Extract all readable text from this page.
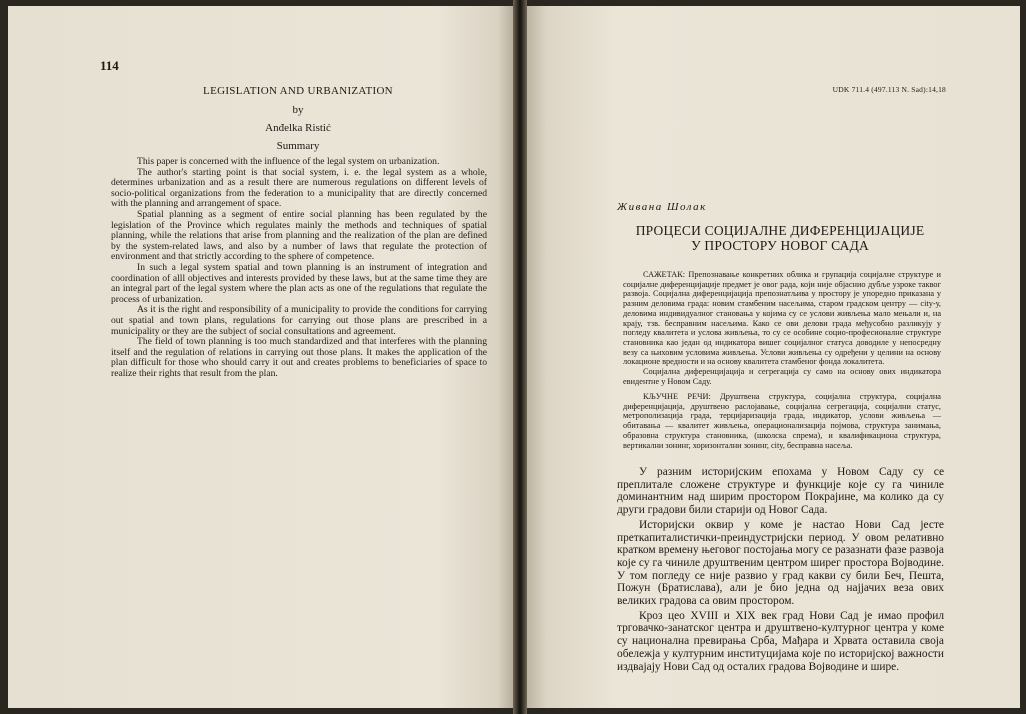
114
LEGISLATION AND URBANIZATION
by
Anđelka Ristić
Summary

This paper is concerned with the influence of the legal system on urbanization.

The author's starting point is that social system, i. e. the legal system as a whole, determines urbanization and as a result there are numerous regulations on different levels of socio-political organizations from the federation to a municipality that are directly concerned with the planning and arrangement of space.

Spatial planning as a segment of entire social planning has been regulated by the legislation of the Province which regulates mainly the methods and techniques of spatial planning, while the relations that arise from planning and the realization of the plan are defined by the system-related laws, and also by a number of laws that regulate the protection of environment and that strictly according to the sphere of competence.

In such a legal system spatial and town planning is an instrument of integration and coordination of alll objectives and interests provided by these laws, but at the same time they are an integral part of the legal system where the plan acts as one of the regulations that regulate the process of urbanization.

As it is the right and responsibility of a municipality to provide the conditions for carrying out spatial and town plans, regulations for carrying out those plans are prescribed in a municipality or they are the subject of social consultations and agreement.

The field of town planning is too much standardized and that interferes with the planning itself and the regulation of relations in carrying out those plans. It makes the application of the plan difficult for those who should carry it out and creates problems to beneficiaries of space to realize their rights that result from the plan.

UDK 711.4 (497.113 N. Sad):14,18
Живана Шолак
ПРОЦЕСИ СОЦИЈАЛНЕ ДИФЕРЕНЦИЈАЦИЈЕ
У ПРОСТОРУ НОВОГ САДА

САЖЕТАК: Препознавање конкретних облика и групација социјалне структуре и социјалне диференцијације предмет је овог рада, који није објаснио дубље узроке таквог развоја. Социјална диференцијација препознатљива у простору је упоредно приказана у разним деловима града: новим стамбеним насељима, старом градском центру — city-у, деловима индивидуалног становања у којима су се услови живљења мало мењали и, на крају, тзв. бесправним насељима. Како се ови делови града међусобно разликују у погледу квалитета и услова живљења, то су се особине социо-професионалне структуре становника као један од индикатора вишег социјалног статуса доводиле у непосредну везу са њиховим условима живљења. Услови живљења су одређени у целини на основу локационе вредности и на основу квалитета стамбеног фонда локалитета.

Социјална диференцијација и сегрегација су само на основу ових индикатора евидентне у Новом Саду.

КЉУЧНЕ РЕЧИ: Друштвена структура, социјална структура, социјална диференцијација, друштвено раслојавање, социјална сегрегација, социјални статус, метрополизација града, терцијаризација града, индикатор, услови живљења — обитавања — квалитет живљења, операционализација појмова, структура занимања, образовна структура становника, (школска спрема), и квалификациона структура, вертикални зонинг, хоризонтални зонинг, city, бесправна насеља.

У разним историјским епохама у Новом Саду су се преплитале сложене структуре и функције које су га чиниле доминантним над ширим простором Покрајине, ма колико да су други градови били старији од Новог Сада.

Историјски оквир у коме је настао Нови Сад јесте преткапиталистички-преиндустријски период. У овом релативно кратком времену његовог постојања могу се разазнати фазе развоја које су га чиниле друштвеним центром ширег простора Војводине. У том погледу се није развио у град какви су били Беч, Пешта, Пожун (Братислава), али је био једна од најјачих веза ових великих градова са овим простором.

Кроз цео XVIII и XIX век град Нови Сад је имао профил трговачко-занатског центра и друштвено-културног центра у коме су национална превирања Срба, Мађара и Хрвата оставила своја обележја у културним институцијама које по историјској важности издвајају Нови Сад од осталих градова Војводине и шире.
